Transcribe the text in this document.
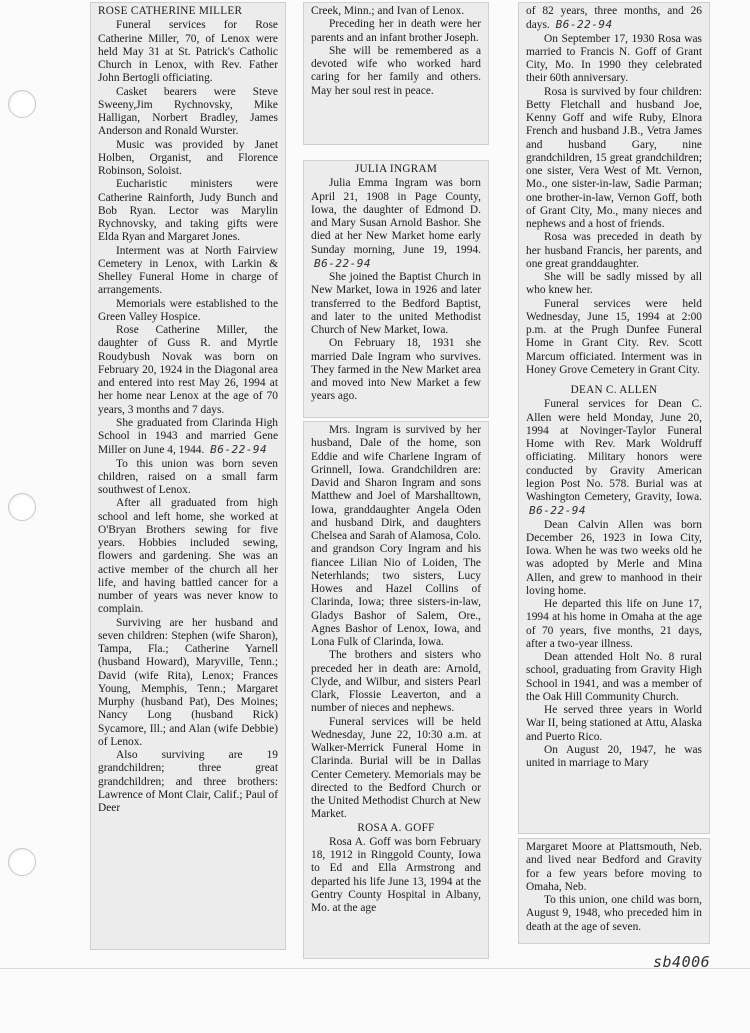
ROSE CATHERINE MILLER

Funeral services for Rose Catherine Miller, 70, of Lenox were held May 31 at St. Patrick's Catholic Church in Lenox, with Rev. Father John Bertogli officiating.

Casket bearers were Steve Sweeny,Jim Rychnovsky, Mike Halligan, Norbert Bradley, James Anderson and Ronald Wurster.

Music was provided by Janet Holben, Organist, and Florence Robinson, Soloist.

Eucharistic ministers were Catherine Rainforth, Judy Bunch and Bob Ryan. Lector was Marylin Rychnovsky, and taking gifts were Elda Ryan and Margaret Jones.

Interment was at North Fairview Cemetery in Lenox, with Larkin & Shelley Funeral Home in charge of arrangements.

Memorials were established to the Green Valley Hospice.

Rose Catherine Miller, the daughter of Guss R. and Myrtle Roudybush Novak was born on February 20, 1924 in the Diagonal area and entered into rest May 26, 1994 at her home near Lenox at the age of 70 years, 3 months and 7 days.

She graduated from Clarinda High School in 1943 and married Gene Miller on June 4, 1944. B6-22-94

To this union was born seven children, raised on a small farm southwest of Lenox.

After all graduated from high school and left home, she worked at O'Bryan Brothers sewing for five years. Hobbies included sewing, flowers and gardening. She was an active member of the church all her life, and having battled cancer for a number of years was never know to complain.

Surviving are her husband and seven children: Stephen (wife Sharon), Tampa, Fla.; Catherine Yarnell (husband Howard), Maryville, Tenn.; David (wife Rita), Lenox; Frances Young, Memphis, Tenn.; Margaret Murphy (husband Pat), Des Moines; Nancy Long (husband Rick) Sycamore, Ill.; and Alan (wife Debbie) of Lenox.

Also surviving are 19 grandchildren; three great grandchildren; and three brothers: Lawrence of Mont Clair, Calif.; Paul of Deer

Creek, Minn.; and Ivan of Lenox.

Preceding her in death were her parents and an infant brother Joseph.

She will be remembered as a devoted wife who worked hard caring for her family and others. May her soul rest in peace.

JULIA INGRAM

Julia Emma Ingram was born April 21, 1908 in Page County, Iowa, the daughter of Edmond D. and Mary Susan Arnold Bashor. She died at her New Market home early Sunday morning, June 19, 1994. B6-22-94

She joined the Baptist Church in New Market, Iowa in 1926 and later transferred to the Bedford Baptist, and later to the united Methodist Church of New Market, Iowa.

On February 18, 1931 she married Dale Ingram who survives. They farmed in the New Market area and moved into New Market a few years ago.

Mrs. Ingram is survived by her husband, Dale of the home, son Eddie and wife Charlene Ingram of Grinnell, Iowa. Grandchildren are: David and Sharon Ingram and sons Matthew and Joel of Marshalltown, Iowa, granddaughter Angela Oden and husband Dirk, and daughters Chelsea and Sarah of Alamosa, Colo. and grandson Cory Ingram and his fiancee Lilian Nio of Loiden, The Neterhlands; two sisters, Lucy Howes and Hazel Collins of Clarinda, Iowa; three sisters-in-law, Gladys Bashor of Salem, Ore., Agnes Bashor of Lenox, Iowa, and Lona Fulk of Clarinda, Iowa.

The brothers and sisters who preceded her in death are: Arnold, Clyde, and Wilbur, and sisters Pearl Clark, Flossie Leaverton, and a number of nieces and nephews.

Funeral services will be held Wednesday, June 22, 10:30 a.m. at Walker-Merrick Funeral Home in Clarinda. Burial will be in Dallas Center Cemetery. Memorials may be directed to the Bedford Church or the United Methodist Church at New Market.

ROSA A. GOFF

Rosa A. Goff was born February 18, 1912 in Ringgold County, Iowa to Ed and Ella Armstrong and departed his life June 13, 1994 at the Gentry County Hospital in Albany, Mo. at the age

of 82 years, three months, and 26 days. B6-22-94

On September 17, 1930 Rosa was married to Francis N. Goff of Grant City, Mo. In 1990 they celebrated their 60th anniversary.

Rosa is survived by four children: Betty Fletchall and husband Joe, Kenny Goff and wife Ruby, Elnora French and husband J.B., Vetra James and husband Gary, nine grandchildren, 15 great grandchildren; one sister, Vera West of Mt. Vernon, Mo., one sister-in-law, Sadie Parman; one brother-in-law, Vernon Goff, both of Grant City, Mo., many nieces and nephews and a host of friends.

Rosa was preceded in death by her husband Francis, her parents, and one great granddaughter.

She will be sadly missed by all who knew her.

Funeral services were held Wednesday, June 15, 1994 at 2:00 p.m. at the Prugh Dunfee Funeral Home in Grant City. Rev. Scott Marcum officiated. Interment was in Honey Grove Cemetery in Grant City.

DEAN C. ALLEN

Funeral services for Dean C. Allen were held Monday, June 20, 1994 at Novinger-Taylor Funeral Home with Rev. Mark Woldruff officiating. Military honors were conducted by Gravity American legion Post No. 578. Burial was at Washington Cemetery, Gravity, Iowa. B6-22-94

Dean Calvin Allen was born December 26, 1923 in Iowa City, Iowa. When he was two weeks old he was adopted by Merle and Mina Allen, and grew to manhood in their loving home.

He departed this life on June 17, 1994 at his home in Omaha at the age of 70 years, five months, 21 days, after a two-year illness.

Dean attended Holt No. 8 rural school, graduating from Gravity High School in 1941, and was a member of the Oak Hill Community Church.

He served three years in World War II, being stationed at Attu, Alaska and Puerto Rico.

On August 20, 1947, he was united in marriage to Mary

Margaret Moore at Plattsmouth, Neb. and lived near Bedford and Gravity for a few years before moving to Omaha, Neb.

To this union, one child was born, August 9, 1948, who preceded him in death at the age of seven.

sb4006
